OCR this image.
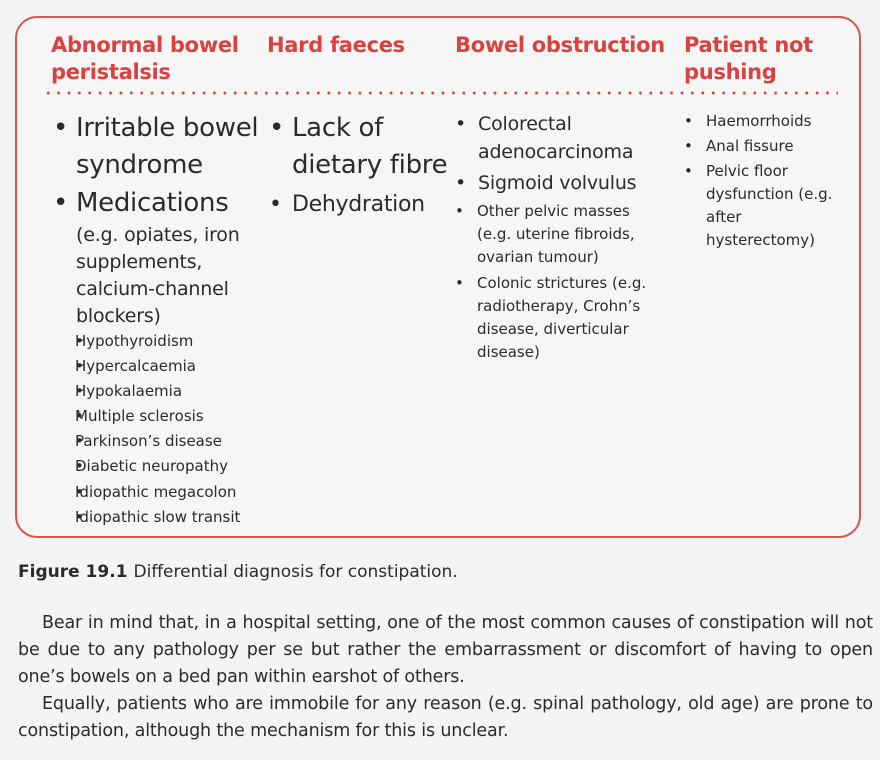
Abnormal bowel peristalsis
Hard faeces	Bowel obstruction Patient not pushing
• Irritable bowel syndrome
• Medications
(e.g. opiates, iron supplements, calcium-channel blockers)
• Hypothyroidism
• Hypercalcaemia
• Hypokalaemia
• Multiple sclerosis
• Parkinson’s disease
• Diabetic neuropathy
• Idiopathic megacolon
• Idiopathic slow transit
• Lack of dietary fibre
• Dehydration
• Colorectal adenocarcinoma
• Sigmoid volvulus
• Other pelvic masses (e.g. uterine fibroids, ovarian tumour)
• Colonic strictures (e.g. radiotherapy, Crohn’s disease, diverticular disease)
• Haemorrhoids
• Anal fissure
• Pelvic floor dysfunction (e.g. after hysterectomy)
Figure 19.1 Differential diagnosis for constipation.

Bear in mind that, in a hospital setting, one of the most common causes of constipation will not be due to any pathology per se but rather the embarrassment or discomfort of having to open one’s bowels on a bed pan within earshot of others.

Equally, patients who are immobile for any reason (e.g. spinal pathology, old age) are prone to constipation, although the mechanism for this is unclear.
